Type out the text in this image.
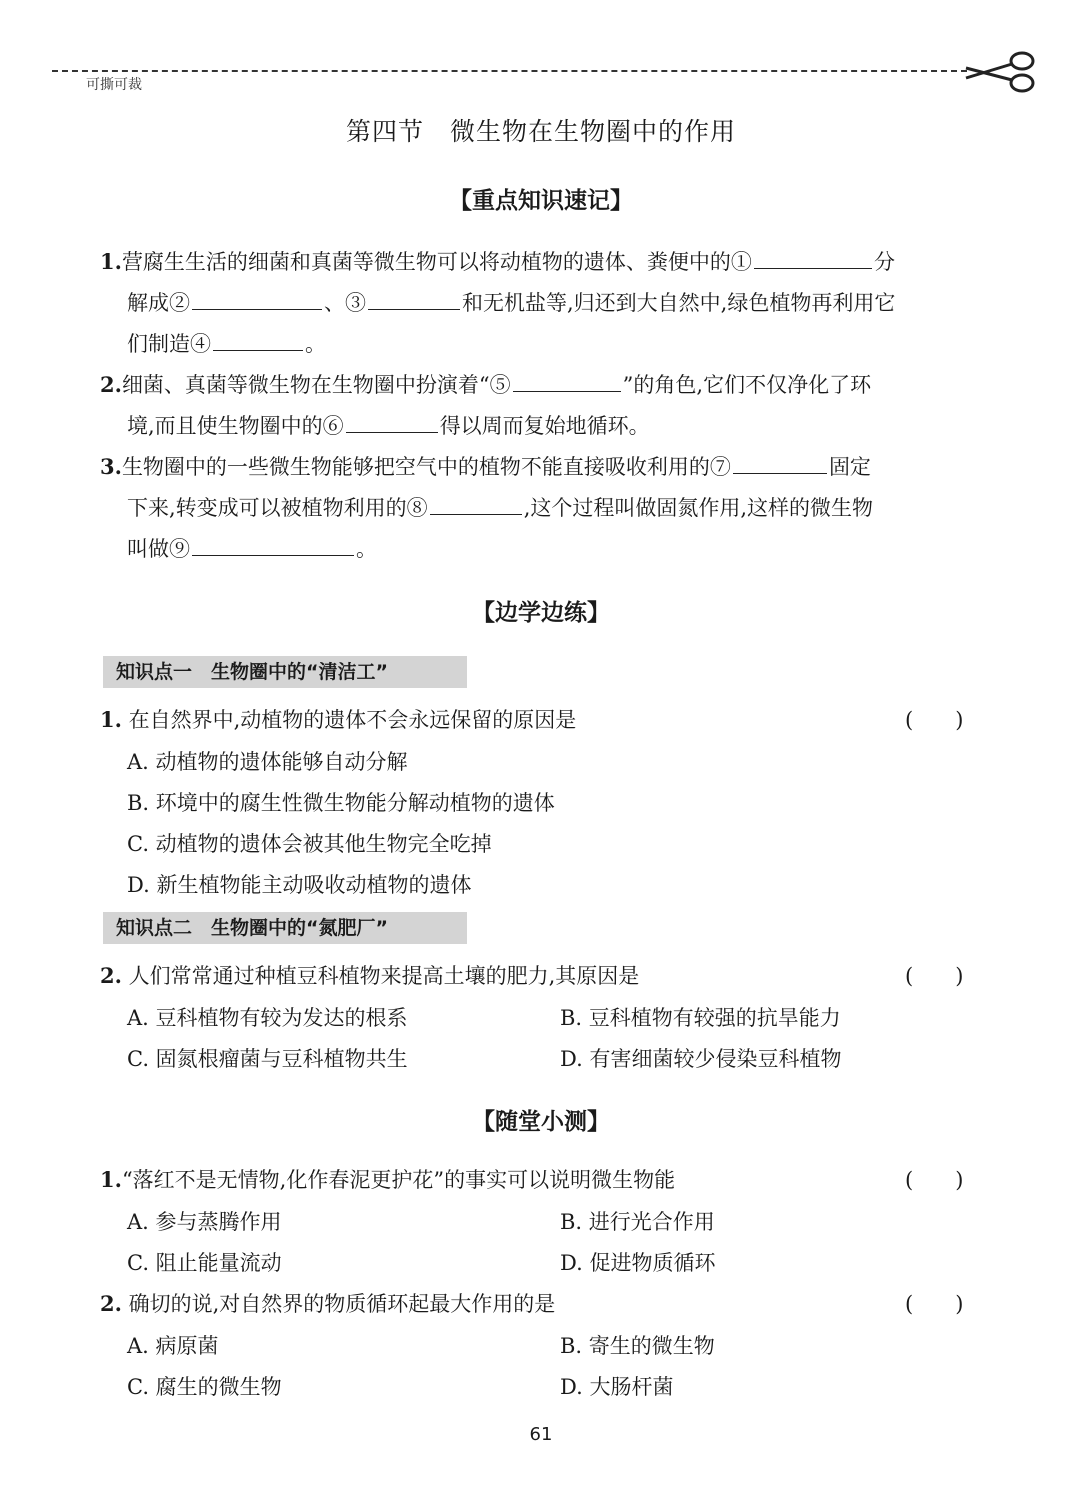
可撕可裁
第四节　微生物在生物圈中的作用
【重点知识速记】
1.营腐生生活的细菌和真菌等微生物可以将动植物的遗体、粪便中的①	分

解成②	、③	和无机盐等,归还到大自然中,绿色植物再利用它
们制造④	。
2.细菌、真菌等微生物在生物圈中扮演着“⑤	”的角色,它们不仅净化了环

境,而且使生物圈中的⑥	得以周而复始地循环。
3.生物圈中的一些微生物能够把空气中的植物不能直接吸收利用的⑦	固定

下来,转变成可以被植物利用的⑧	,这个过程叫做固氮作用,这样的微生物
叫做⑨	。
【边学边练】
知识点一　生物圈中的“清洁工”
1. 在自然界中,动植物的遗体不会永远保留的原因是	(　　)
A. 动植物的遗体能够自动分解
B. 环境中的腐生性微生物能分解动植物的遗体
C. 动植物的遗体会被其他生物完全吃掉
D. 新生植物能主动吸收动植物的遗体
知识点二　生物圈中的“氮肥厂”
2. 人们常常通过种植豆科植物来提高土壤的肥力,其原因是	(　　)
A. 豆科植物有较为发达的根系	B. 豆科植物有较强的抗旱能力
C. 固氮根瘤菌与豆科植物共生	D. 有害细菌较少侵染豆科植物
【随堂小测】
1.“落红不是无情物,化作春泥更护花”的事实可以说明微生物能	(　　)
A. 参与蒸腾作用	B. 进行光合作用
C. 阻止能量流动	D. 促进物质循环
2. 确切的说,对自然界的物质循环起最大作用的是	(　　)
A. 病原菌	B. 寄生的微生物
C. 腐生的微生物	D. 大肠杆菌
61
